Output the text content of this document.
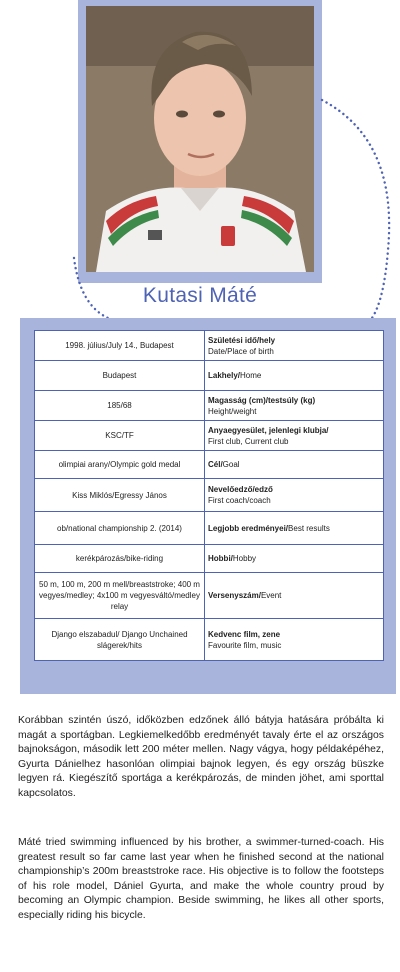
Kutasi Máté
1998. július/July 14., Budapest	Születési idő/hely
Date/Place of birth
Budapest	Lakhely/Home
185/68	Magasság (cm)/testsúly (kg)
Height/weight
KSC/TF	Anyaegyesület, jelenlegi klubja/
First club, Current club
olimpiai arany/Olympic gold medal	Cél/Goal
Kiss Miklós/Egressy János	Nevelőedző/edző
First coach/coach
ob/national championship 2. (2014)	Legjobb eredményei/Best results
kerékpározás/bike-riding	Hobbi/Hobby
50 m, 100 m, 200 m mell/breaststroke; 400 m vegyes/medley; 4x100 m vegyesváltó/medley relay	Versenyszám/Event
Django elszabadul/ Django Unchained slágerek/hits	Kedvenc film, zene
Favourite film, music

Korábban szintén úszó, időközben edzőnek álló bátyja hatására próbálta ki magát a sportágban. Legkiemelkedőbb eredményét tavaly érte el az országos bajnokságon, második lett 200 méter mellen. Nagy vágya, hogy példaképéhez, Gyurta Dánielhez hasonlóan olimpiai bajnok legyen, és egy ország büszke legyen rá. Kiegészítő sportága a kerékpározás, de minden jöhet, ami sporttal kapcsolatos.

Máté tried swimming influenced by his brother, a swimmer-turned-coach. His greatest result so far came last year when he finished second at the national championship’s 200m breaststroke race. His objective is to follow the footsteps of his role model, Dániel Gyurta, and make the whole country proud by becoming an Olympic champion. Beside swimming, he likes all other sports, especially riding his bicycle.
